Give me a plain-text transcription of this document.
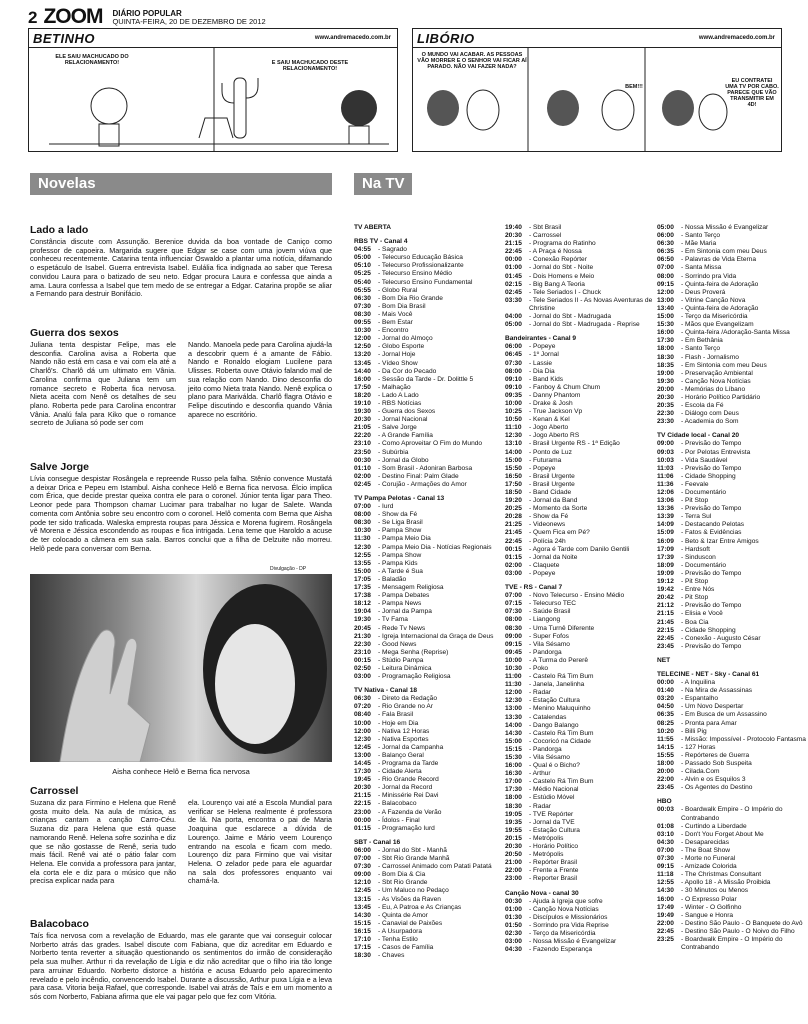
2 ZOOM DIÁRIO POPULAR
QUINTA-FEIRA, 20 DE DEZEMBRO DE 2012
BETINHO	www.andremacedo.com.br
ELE SAIU MACHUCADO DO RELACIONAMENTO!	E SAIU MACHUCADO DESTE RELACIONAMENTO!
LIBÓRIO	www.andremacedo.com.br
O MUNDO VAI ACABAR. AS PESSOAS VÃO MORRER E O SENHOR VAI FICAR AÍ PARADO. NÃO VAI FAZER NADA?
BEM!!!
EU CONTRATEI UMA TV POR CABO. PARECE QUE VÃO TRANSMITIR EM 4D!
Novelas	Na TV
Lado a lado

Constância discute com Assunção. Berenice duvida da boa vontade de Caniço como professor de capoeira. Margarida sugere que Edgar se case com uma jovem viúva que conheceu recentemente. Catarina tenta influenciar Oswaldo a plantar uma notícia, difamando o espetáculo de Isabel. Guerra entrevista Isabel. Eulália fica indignada ao saber que Teresa convidou Laura para o batizado de seu neto. Edgar procura Laura e confessa que ainda a ama. Laura confessa a Isabel que tem medo de se entregar a Edgar. Catarina propõe se aliar a Fernando para destruir Bonifácio.

Guerra dos sexos
Juliana tenta despistar Felipe, mas ele desconfia. Carolina avisa a Roberta que Nando não está em casa e vai com ela até a Charlô's. Charlô dá um ultimato em Vânia. Carolina confirma que Juliana tem um romance secreto e Roberta fica nervosa. Nieta aceita com Nenê os detalhes de seu plano. Roberta pede para Carolina encontrar Vânia. Analú fala para Kiko que o romance secreto de Juliana só pode ser com
Nando. Manoela pede para Carolina ajudá-la a descobrir quem é a amante de Fábio. Nando e Ronaldo elogiam Lucilene para Ulisses. Roberta ouve Otávio falando mal de sua relação com Nando. Dino desconfia do jeito como Nieta trata Nando. Nenê explica o plano para Mariválda. Charlô flagra Otávio e Felipe discutindo e desconfia quando Vânia aparece no escritório.
Salve Jorge

Lívia consegue despistar Rosângela e repreende Russo pela falha. Stênio convence Mustafá a deixar Drica e Pepeu em Istambul. Aisha conhece Helô e Berna fica nervosa. Élcio implica com Érica, que decide prestar queixa contra ele para o coronel. Júnior tenta ligar para Theo. Leonor pede para Thompson chamar Lucimar para trabalhar no lugar de Salete. Wanda comenta com Antônia sobre seu encontro com o coronel. Helô comenta com Berna que Aisha pode ter sido traficada. Waleska empresta roupas para Jéssica e Morena fugirem. Rosângela vê Morena e Jéssica escondendo as roupas e fica intrigada. Lena teme que Haroldo a acuse de ter colocado a câmera em sua sala. Barros conclui que a filha de Delzuite não morreu. Helô pede para conversar com Berna.

Divulgação - DP
Aisha conhece Helô e Berna fica nervosa
Carrossel
Suzana diz para Firmino e Helena que Renê gosta muito dela. Na aula de música, as crianças cantam a canção Carro-Céu. Suzana diz para Helena que está quase namorando Renê. Helena sofre sozinha e diz que se não gostasse de Renê, seria tudo mais fácil. Renê vai até o pátio falar com Helena. Ele convida a professora para jantar, ela corta ele e diz para o músico que não precisa explicar nada para
ela. Lourenço vai até a Escola Mundial para verificar se Helena realmente é professora de lá. Na porta, encontra o pai de Maria Joaquina que esclarece a dúvida de Lourenço. Jaime e Mário veem Lourenço entrando na escola e ficam com medo. Lourenço diz para Firmino que vai visitar Helena. O zelador pede para ele aguardar na sala dos professores enquanto vai chamá-la.
Balacobaco

Taís fica nervosa com a revelação de Eduardo, mas ele garante que vai conseguir colocar Norberto atrás das grades. Isabel discute com Fabiana, que diz acreditar em Eduardo e Norberto tenta reverter a situação questionando os sentimentos do irmão de consideração pela sua mulher. Arthur ri da revelação de Lígia e diz não acreditar que o filho iria tão longe para arruinar Eduardo. Norberto distorce a história e acusa Eduardo pelo aparecimento revelado e pelo incêndio, convencendo Isabel. Durante a discussão, Arthur puxa Lígia e a leva para casa. Vitoria beija Rafael, que corresponde. Isabel vai atrás de Taís e em um momento a sós com Norberto, Fabiana afirma que ele vai pagar pelo que fez com Vitória.

TV ABERTA
RBS TV - Canal 4
04:55	- Sagrado
05:00	- Telecurso Educação Básica
05:10	- Telecurso Profissionalizante
05:25	- Telecurso Ensino Médio
05:40	- Telecurso Ensino Fundamental
05:55	- Globo Rural
06:30	- Bom Dia Rio Grande
07:30	- Bom Dia Brasil
08:30	- Mais Você
09:55	- Bem Estar
10:30	- Encontro
12:00	- Jornal do Almoço
12:50	- Globo Esporte
13:20	- Jornal Hoje
13:45	- Vídeo Show
14:40	- Da Cor do Pecado
16:00	- Sessão da Tarde - Dr. Dolittle 5
17:50	- Malhação
18:20	- Lado A Lado
19:10	- RBS Notícias
19:30	- Guerra dos Sexos
20:30	- Jornal Nacional
21:05	- Salve Jorge
22:20	- A Grande Família
23:10	- Como Aproveitar O Fim do Mundo
23:50	- Subúrbia
00:30	- Jornal da Globo
01:10	- Som Brasil - Adoniran Barbosa
02:00	- Destino Final: Palm Glade
02:45	- Corujão - Armações do Amor
TV Pampa Pelotas - Canal 13
07:00	- Iurd
08:00	- Show da Fé
08:30	- Se Liga Brasil
10:30	- Pampa Show
11:30	- Pampa Meio Dia
12:30	- Pampa Meio Dia - Notícias Regionais
12:55	- Pampa Show
13:55	- Pampa Kids
15:00	- A Tarde é Sua
17:05	- Baladão
17:35	- Mensagem Religiosa
17:38	- Pampa Debates
18:12	- Pampa News
19:04	- Jornal da Pampa
19:30	- Tv Fama
20:45	- Rede Tv News
21:30	- Igreja Internacional da Graça de Deus
22:30	- Good News
23:10	- Mega Senha (Reprise)
00:15	- Stúdio Pampa
02:50	- Leitura Dinâmica
03:00	- Programação Religiosa
TV Nativa - Canal 18
06:30	- Direto da Redação
07:20	- Rio Grande no Ar
08:40	- Fala Brasil
10:00	- Hoje em Dia
12:00	- Nativa 12 Horas
12:30	- Nativa Esportes
12:45	- Jornal da Campanha
13:00	- Balanço Geral
14:45	- Programa da Tarde
17:30	- Cidade Alerta
19:45	- Rio Grande Record
20:30	- Jornal da Record
21:15	- Minissérie Rei Davi
22:15	- Balacobaco
23:00	- A Fazenda de Verão
00:00	- Ídolos - Final
01:15	- Programação Iurd
SBT - Canal 16
06:00	- Jornal do Sbt - Manhã
07:00	- Sbt Rio Grande Manhã
07:30	- Carrossel Animado com Patati Patatá
09:00	- Bom Dia & Cia
12:10	- Sbt Rio Grande
12:45	- Um Maluco no Pedaço
13:15	- As Visões da Raven
13:45	- Eu, A Patroa e As Crianças
14:30	- Quinta de Amor
15:15	- Canavial de Paixões
16:15	- A Usurpadora
17:10	- Tenha Estilo
17:15	- Casos de Família
18:30	- Chaves
19:40	- Sbt Brasil
20:30	- Carrossel
21:15	- Programa do Ratinho
22:45	- A Praça é Nossa
00:00	- Conexão Repórter
01:00	- Jornal do Sbt - Noite
01:45	- Dois Homens e Meio
02:15	- Big Bang A Teoria
02:45	- Tele Seriados I - Chuck
03:30	- Tele Seriados II - As Novas Aventuras de Christine
04:00	- Jornal do Sbt - Madrugada
05:00	- Jornal do Sbt - Madrugada - Reprise
Bandeirantes - Canal 9
06:00	- Popeye
06:45	- 1º Jornal
07:30	- Lassie
08:00	- Dia Dia
09:10	- Band Kids
09:10	- Fanboy & Chum Chum
09:35	- Danny Phantom
10:00	- Drake & Josh
10:25	- True Jackson Vp
10:50	- Kenan & Kel
11:10	- Jogo Aberto
12:30	- Jogo Aberto RS
13:10	- Brasil Urgente RS - 1ª Edição
14:00	- Ponto de Luz
15:00	- Futurama
15:50	- Popeye
16:50	- Brasil Urgente
17:50	- Brasil Urgente
18:50	- Band Cidade
19:20	- Jornal da Band
20:25	- Momento da Sorte
20:28	- Show da Fé
21:25	- Videonews
21:45	- Quem Fica em Pé?
22:45	- Polícia 24h
00:15	- Agora é Tarde com Danilo Gentili
01:15	- Jornal da Noite
02:00	- Claquete
03:00	- Popeye
TVE - RS - Canal 7
07:00	- Novo Telecurso - Ensino Médio
07:15	- Telecurso TEC
07:30	- Saúde Brasil
08:00	- Liangong
08:30	- Uma Turnê Diferente
09:00	- Super Fofos
09:15	- Vila Sésamo
09:45	- Pandorga
10:00	- A Turma do Pererê
10:30	- Poko
11:00	- Castelo Rá Tim Bum
11:30	- Janela, Janelinha
12:00	- Radar
12:30	- Estação Cultura
13:00	- Menino Maluquinho
13:30	- Catalendas
14:00	- Dango Balango
14:30	- Castelo Rá Tim Bum
15:00	- Cocoricó na Cidade
15:15	- Pandorga
15:30	- Vila Sésamo
16:00	- Qual é o Bicho?
16:30	- Arthur
17:00	- Castelo Rá Tim Bum
17:30	- Médio Nacional
18:00	- Estúdio Móvel
18:30	- Radar
19:05	- TVE Repórter
19:35	- Jornal da TVE
19:55	- Estação Cultura
20:15	- Metrópolis
20:30	- Horário Político
20:50	- Metrópolis
21:00	- Repórter Brasil
22:00	- Frente a Frente
23:00	- Reporter Brasil
Canção Nova - canal 30
00:30	- Ajuda à Igreja que sofre
01:00	- Canção Nova Notícias
01:30	- Discípulos e Missionários
01:50	- Sorrindo pra Vida Reprise
02:30	- Terço da Misericórdia
03:00	- Nossa Missão é Evangelizar
04:30	- Fazendo Esperança
05:00	- Nossa Missão é Evangelizar
06:00	- Santo Terço
06:30	- Mãe Maria
06:35	- Em Sintonia com meu Deus
06:50	- Palavras de Vida Eterna
07:00	- Santa Missa
08:00	- Sorrindo pra Vida
09:15	- Quinta-feira de Adoração
12:00	- Deus Proverá
13:00	- Vitrine Canção Nova
13:40	- Quinta-feira de Adoração
15:00	- Terço da Misericórdia
15:30	- Mãos que Evangelizam
16:00	- Quinta-feira /Adoração-Santa Missa
17:30	- Em Bethânia
18:00	- Santo Terço
18:30	- Flash - Jornalismo
18:35	- Em Sintonia com meu Deus
19:00	- Preservação Ambiental
19:30	- Canção Nova Notícias
20:00	- Memórias do Líbano
20:30	- Horário Político Partidário
20:35	- Escola da Fé
22:30	- Diálogo com Deus
23:30	- Academia do Som
TV Cidade local - Canal 20
09:00	- Previsão do Tempo
09:03	- Por Pelotas Entrevista
10:03	- Vida Saudável
11:03	- Previsão do Tempo
11:06	- Cidade Shopping
11:36	- Feevale
12:06	- Documentário
13:06	- Pit Stop
13:36	- Previsão do Tempo
13:39	- Terra Sul
14:09	- Destacando Pelotas
15:09	- Fatos & Evidências
16:09	- Beto & Izar Entre Amigos
17:09	- Hardsoft
17:39	- Sinduscon
18:09	- Documentário
19:09	- Previsão do Tempo
19:12	- Pit Stop
19:42	- Entre Nós
20:42	- Pit Stop
21:12	- Previsão do Tempo
21:15	- Elisia e Você
21:45	- Boa Cia
22:15	- Cidade Shopping
22:45	- Conexão - Augusto César
23:45	- Previsão do Tempo
NET
TELECINE - NET - Sky - Canal 61
00:00	- A Inquilina
01:40	- Na Mira de Assassinas
03:20	- Espantalho
04:50	- Um Novo Despertar
06:35	- Em Busca de um Assassino
08:25	- Pronta para Amar
10:20	- Billi Pig
11:55	- Missão: Impossível - Protocolo Fantasma
14:15	- 127 Horas
15:55	- Repórteres de Guerra
18:00	- Passado Sob Suspeita
20:00	- Cilada.Com
22:00	- Alvin e os Esquilos 3
23:45	- Os Agentes do Destino
HBO
00:03	- Boardwalk Empire - O Império do Contrabando
01:08	- Curtindo a Liberdade
03:10	- Don't You Forget About Me
04:30	- Desaparecidas
07:00	- The Boat Show
07:30	- Morte no Funeral
09:15	- Amizade Colorida
11:18	- The Christmas Consultant
12:55	- Apollo 18 - A Missão Proibida
14:30	- 30 Minutos ou Menos
16:00	- O Expresso Polar
17:49	- Winter - O Golfinho
19:49	- Sangue e Honra
22:00	- Destino São Paulo - O Banquete do Avô
22:45	- Destino São Paulo - O Noivo do Filho
23:25	- Boardwalk Empire - O Império do Contrabando
